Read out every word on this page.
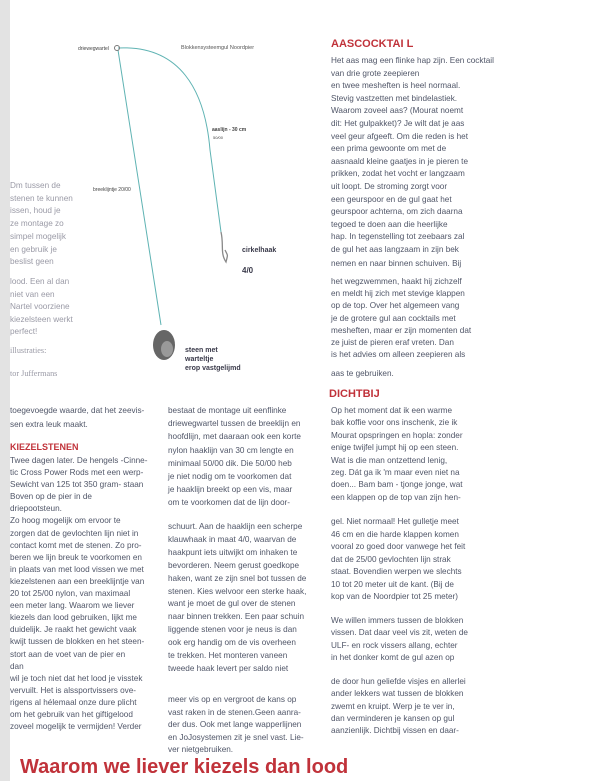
driewegwartel	Blokkensysteemgul Noordpier
aaslijn - 30 cm
50/00
breeklijntje 20/00
cirkelhaak
4/0
steen met
warteltje
erop vastgelijmd
Dm tussen de
stenen te kunnen
issen, houd je
ze montage zo
simpel mogelijk
en gebruik je
beslist geen
lood. Een al dan
niet van een
Nartel voorziene
kiezelsteen werkt
perfect!
illustraties:
tor Juffermans
toegevoegde waarde, dat het zeevis-
sen extra leuk maakt.
KIEZELSTENEN
Twee dagen later. De hengels -Cinne-
tic Cross Power Rods met een werp-
Sewicht van 125 tot 350 gram- staan
Boven op de pier in de
driepootsteun.
Zo hoog mogelijk om ervoor te
zorgen dat de gevlochten lijn niet in
contact komt met de stenen. Zo pro-
beren we lijn breuk te voorkomen en
in plaats van met lood vissen we met
kiezelstenen aan een breeklijntje van
20 tot 25/00 nylon, van maximaal
een meter lang. Waarom we liever
kiezels dan lood gebruiken, lijkt me
duidelijk. Je raakt het gewicht vaak
kwijt tussen de blokken en het steen-
stort aan de voet van de pier en
dan
wil je toch niet dat het lood je visstek
vervuilt. Het is alssportvissers ove-
rigens al hélemaal onze dure plicht
om het gebruik van het giftigelood
zoveel mogelijk te vermijden! Verder
bestaat de montage uit eenflinke
driewegwartel tussen de breeklijn en
hoofdlijn, met daaraan ook een korte
nylon haaklijn van 30 cm lengte en
minimaal 50/00 dik. Die 50/00 heb
je niet nodig om te voorkomen dat
je haaklijn breekt op een vis, maar
om te voorkomen dat de lijn door-
schuurt. Aan de haaklijn een scherpe
klauwhaak in maat 4/0, waarvan de
haakpunt iets uitwijkt om inhaken te
bevorderen. Neem gerust goedkope
haken, want ze zijn snel bot tussen de
stenen. Kies welvoor een sterke haak,
want je moet de gul over de stenen
naar binnen trekken. Een paar schuin
liggende stenen voor je neus is dan
ook erg handig om de vis overheen
te trekken. Het monteren vaneen
tweede haak levert per saldo niet
meer vis op en vergroot de kans op
vast raken in de stenen.Geen aanra-
der dus. Ook met lange wapperlijnen
en JoJosystemen zit je snel vast. Lie-
ver nietgebruiken.
AASCOCKTAI L
Het aas mag een flinke hap zijn. Een cocktail
van drie grote zeepieren
en twee mesheften is heel normaal.
Stevig vastzetten met bindelastiek.
Waarom zoveel aas? (Mourat noemt
dit: Het gulpakket)? Je wilt dat je aas
veel geur afgeeft. Om die reden is het
een prima gewoonte om met de
aasnaald kleine gaatjes in je pieren te
prikken, zodat het vocht er langzaam
uit loopt. De stroming zorgt voor
een geurspoor en de gul gaat het
geurspoor achterna, om zich daarna
tegoed te doen aan die heerlijke
hap. In tegenstelling tot zeebaars zal
de gul het aas langzaam in zijn bek
nemen en naar binnen schuiven. Bij
het wegzwemmen, haakt hij zichzelf
en meldt hij zich met stevige klappen
op de top. Over het algemeen vang
je de grotere gul aan cocktails met
mesheften, maar er zijn momenten dat
ze juist de pieren eraf vreten. Dan
is het advies om alleen zeepieren als
aas te gebruiken.
DICHTBIJ
Op het moment dat ik een warme
bak koffie voor ons inschenk, zie ik
Mourat opspringen en hopla: zonder
enige twijfel jumpt hij op een steen.
Wat is die man ontzettend lenig,
zeg. Dát ga ik 'm maar even niet na
doen... Bam bam - tjonge jonge, wat
een klappen op de top van zijn hen-
gel. Niet normaal! Het gulletje meet
46 cm en die harde klappen komen
vooral zo goed door vanwege het feit
dat de 25/00 gevlochten lijn strak
staat. Bovendien werpen we slechts
10 tot 20 meter uit de kant. (Bij de
kop van de Noordpier tot 25 meter)
We willen immers tussen de blokken
vissen. Dat daar veel vis zit, weten de
ULF- en rock vissers allang, echter
in het donker komt de gul azen op
de door hun geliefde visjes en allerlei
ander lekkers wat tussen de blokken
zwemt en kruipt. Werp je te ver in,
dan verminderen je kansen op gul
aanzienlijk. Dichtbij vissen en daar-
Waarom we liever kiezels dan lood
